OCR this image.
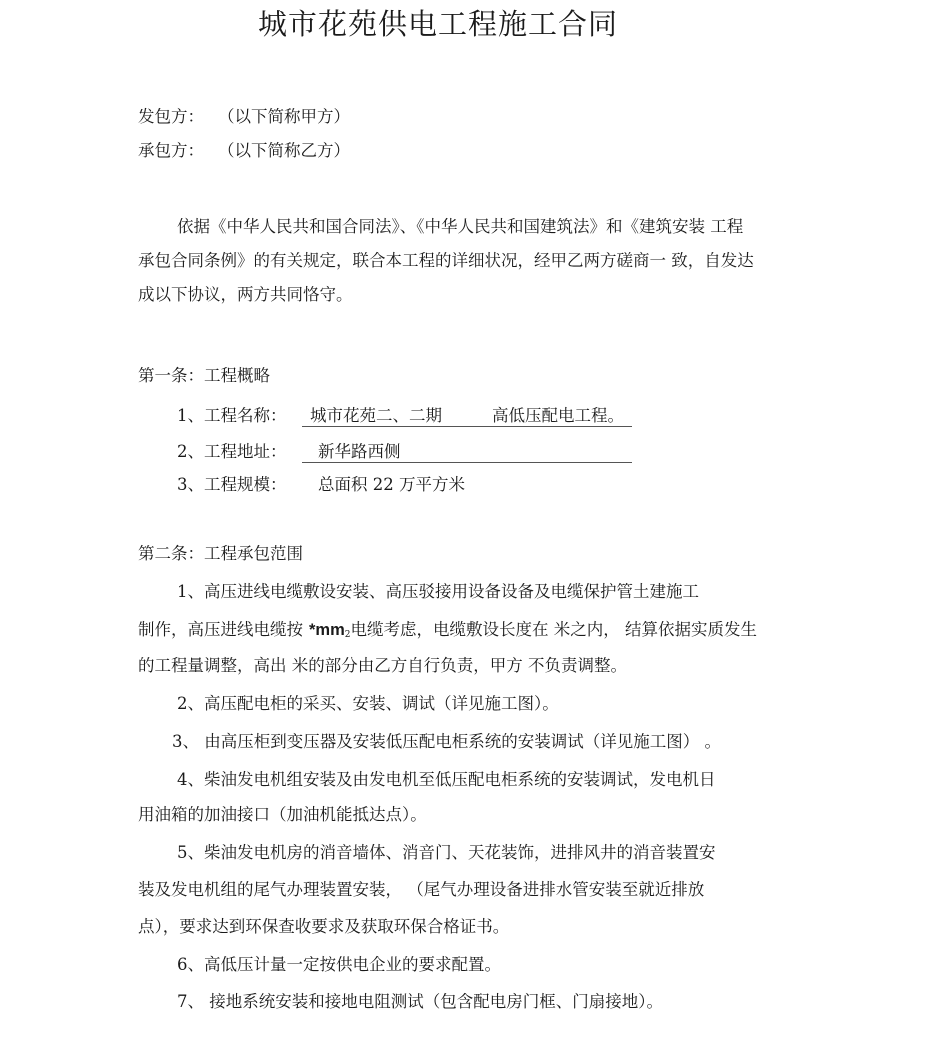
城市花苑供电工程施工合同
发包方： （以下简称甲方）
承包方： （以下简称乙方）
依据《中华人民共和国合同法》、《中华人民共和国建筑法》和《建筑安装 工程
承包合同条例》的有关规定，联合本工程的详细状况，经甲乙两方磋商一 致，自发达
成以下协议，两方共同恪守。
第一条：工程概略
1、工程名称： 城市花苑二、二期	高低压配电工程。
2、工程地址： 新华路西侧
3、工程规模： 总面积 22 万平方米
第二条：工程承包范围
1、高压进线电缆敷设安装、高压驳接用设备设备及电缆保护管土建施工
制作，高压进线电缆按 $*mm_2$电缆考虑，电缆敷设长度在 米之内， 结算依据实质发生
的工程量调整，高出 米的部分由乙方自行负责，甲方 不负责调整。
2、高压配电柜的采买、安装、调试（详见施工图）。
3、 由高压柜到变压器及安装低压配电柜系统的安装调试（详见施工图） 。
4、柴油发电机组安装及由发电机至低压配电柜系统的安装调试，发电机日
用油箱的加油接口（加油机能抵达点）。
5、柴油发电机房的消音墙体、消音门、天花装饰，进排风井的消音装置安
装及发电机组的尾气办理装置安装， （尾气办理设备进排水管安装至就近排放
点），要求达到环保查收要求及获取环保合格证书。
6、高低压计量一定按供电企业的要求配置。
7、 接地系统安装和接地电阻测试（包含配电房门框、门扇接地）。
